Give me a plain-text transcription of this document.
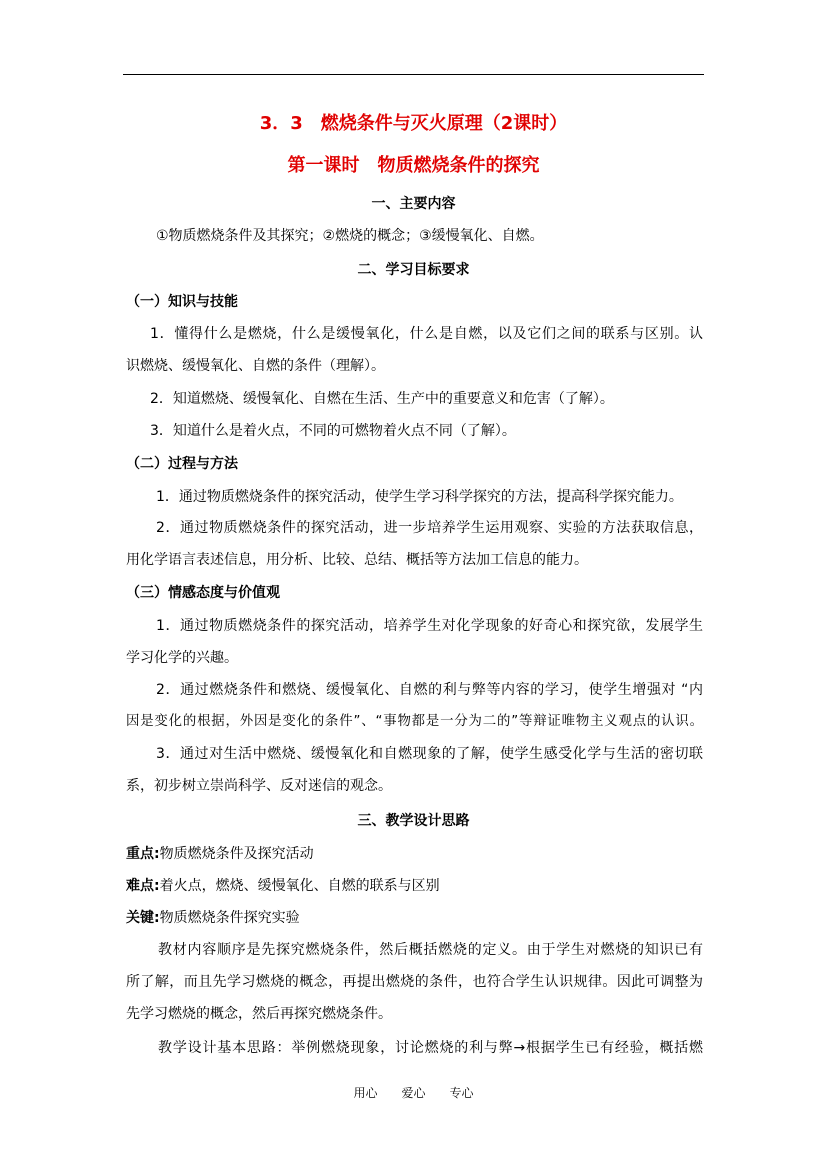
3．3　燃烧条件与灭火原理（2课时）
第一课时　物质燃烧条件的探究
一、主要内容
①物质燃烧条件及其探究；②燃烧的概念；③缓慢氧化、自燃。
二、学习目标要求
（一）知识与技能
1．懂得什么是燃烧，什么是缓慢氧化，什么是自燃，以及它们之间的联系与区别。认
识燃烧、缓慢氧化、自燃的条件（理解）。
2．知道燃烧、缓慢氧化、自燃在生活、生产中的重要意义和危害（了解）。
3．知道什么是着火点，不同的可燃物着火点不同（了解）。
（二）过程与方法
1．通过物质燃烧条件的探究活动，使学生学习科学探究的方法，提高科学探究能力。
2．通过物质燃烧条件的探究活动，进一步培养学生运用观察、实验的方法获取信息，
用化学语言表述信息，用分析、比较、总结、概括等方法加工信息的能力。
（三）情感态度与价值观
1．通过物质燃烧条件的探究活动，培养学生对化学现象的好奇心和探究欲，发展学生
学习化学的兴趣。
2．通过燃烧条件和燃烧、缓慢氧化、自燃的利与弊等内容的学习，使学生增强对 “内
因是变化的根据，外因是变化的条件”、“事物都是一分为二的”等辩证唯物主义观点的认识。
3．通过对生活中燃烧、缓慢氧化和自燃现象的了解，使学生感受化学与生活的密切联
系，初步树立崇尚科学、反对迷信的观念。
三、教学设计思路
重点:物质燃烧条件及探究活动
难点:着火点，燃烧、缓慢氧化、自燃的联系与区别
关键:物质燃烧条件探究实验
教材内容顺序是先探究燃烧条件，然后概括燃烧的定义。由于学生对燃烧的知识已有
所了解，而且先学习燃烧的概念，再提出燃烧的条件，也符合学生认识规律。因此可调整为
先学习燃烧的概念，然后再探究燃烧条件。
教学设计基本思路：举例燃烧现象，讨论燃烧的利与弊→根据学生已有经验，概括燃
用心　　爱心　　专心
